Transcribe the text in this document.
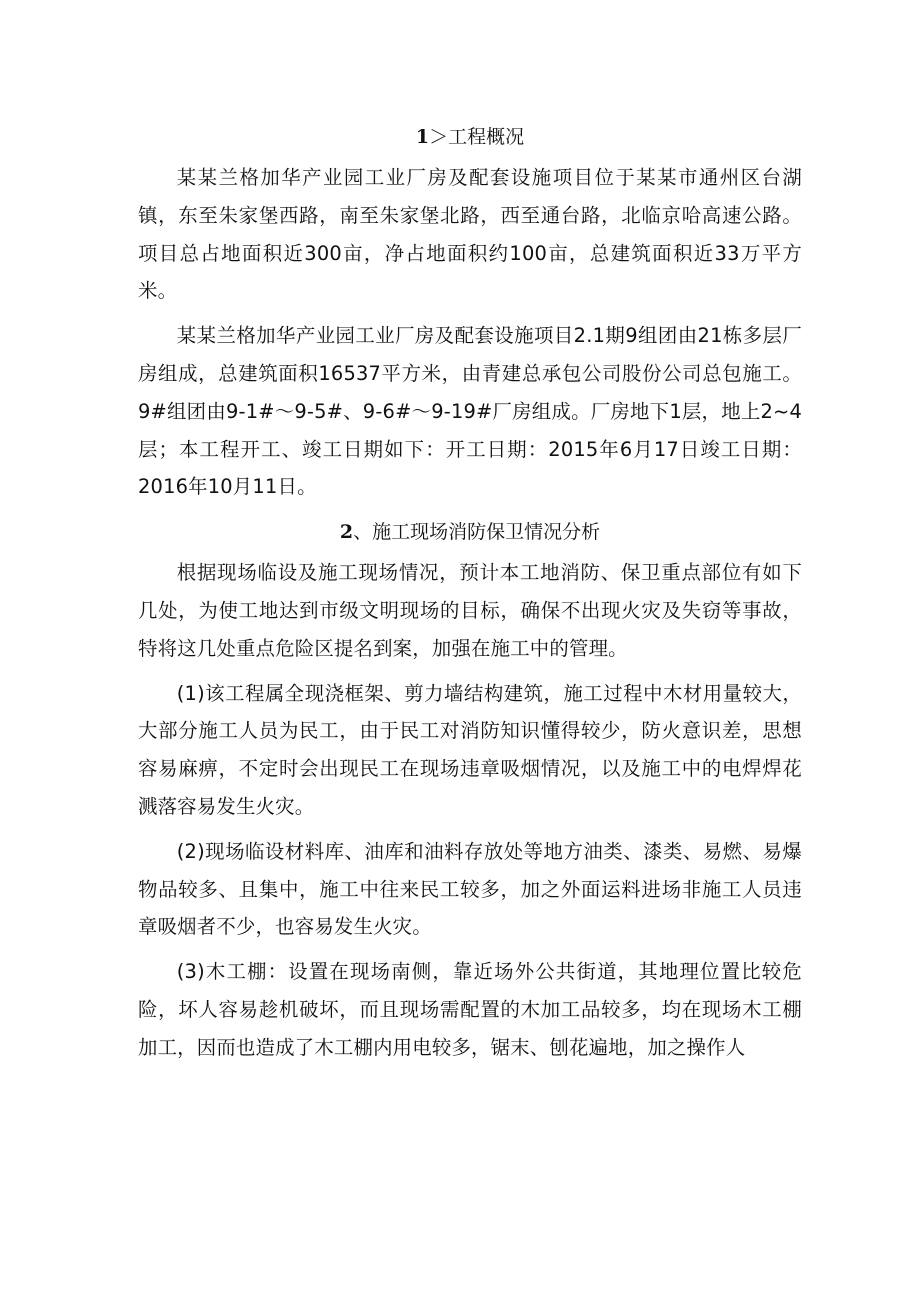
1＞工程概况

某某兰格加华产业园工业厂房及配套设施项目位于某某市通州区台湖镇，东至朱家堡西路，南至朱家堡北路，西至通台路，北临京哈高速公路。项目总占地面积近300亩，净占地面积约100亩，总建筑面积近33万平方米。

某某兰格加华产业园工业厂房及配套设施项目2.1期9组团由21栋多层厂房组成，总建筑面积16537平方米，由青建总承包公司股份公司总包施工。9#组团由9-1#～9-5#、9-6#～9-19#厂房组成。厂房地下1层，地上2~4层；本工程开工、竣工日期如下：开工日期：2015年6月17日竣工日期：2016年10月11日。

2、施工现场消防保卫情况分析

根据现场临设及施工现场情况，预计本工地消防、保卫重点部位有如下几处，为使工地达到市级文明现场的目标，确保不出现火灾及失窃等事故，特将这几处重点危险区提名到案，加强在施工中的管理。

(1)该工程属全现浇框架、剪力墙结构建筑，施工过程中木材用量较大，大部分施工人员为民工，由于民工对消防知识懂得较少，防火意识差，思想容易麻痹，不定时会出现民工在现场违章吸烟情况，以及施工中的电焊焊花溅落容易发生火灾。

(2)现场临设材料库、油库和油料存放处等地方油类、漆类、易燃、易爆物品较多、且集中，施工中往来民工较多，加之外面运料进场非施工人员违章吸烟者不少，也容易发生火灾。

(3)木工棚：设置在现场南侧，靠近场外公共街道，其地理位置比较危险，坏人容易趁机破坏，而且现场需配置的木加工品较多，均在现场木工棚加工，因而也造成了木工棚内用电较多，锯末、刨花遍地，加之操作人
